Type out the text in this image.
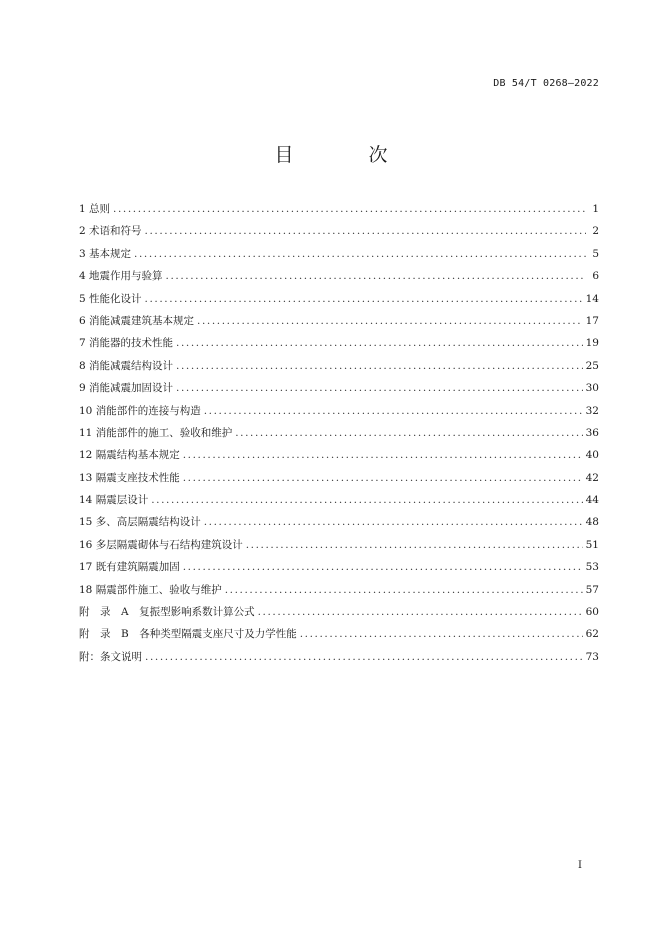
DB 54/T 0268—2022
目　次
1 总则 .....	1
2 术语和符号 .....	2
3 基本规定 .....	5
4 地震作用与验算 .....	6
5 性能化设计 .....	14
6 消能减震建筑基本规定 .....	17
7 消能器的技术性能 .....	19
8 消能减震结构设计 .....	25
9 消能减震加固设计 .....	30
10 消能部件的连接与构造 .....	32
11 消能部件的施工、验收和维护 .....	36
12 隔震结构基本规定 .....	40
13 隔震支座技术性能 .....	42
14 隔震层设计 .....	44
15 多、高层隔震结构设计 .....	48
16 多层隔震砌体与石结构建筑设计 .....	51
17 既有建筑隔震加固 .....	53
18 隔震部件施工、验收与维护 .....	57
附　录　A　复振型影响系数计算公式 .....	60
附　录　B　各种类型隔震支座尺寸及力学性能 .....	62
附：条文说明 .....	73
I
